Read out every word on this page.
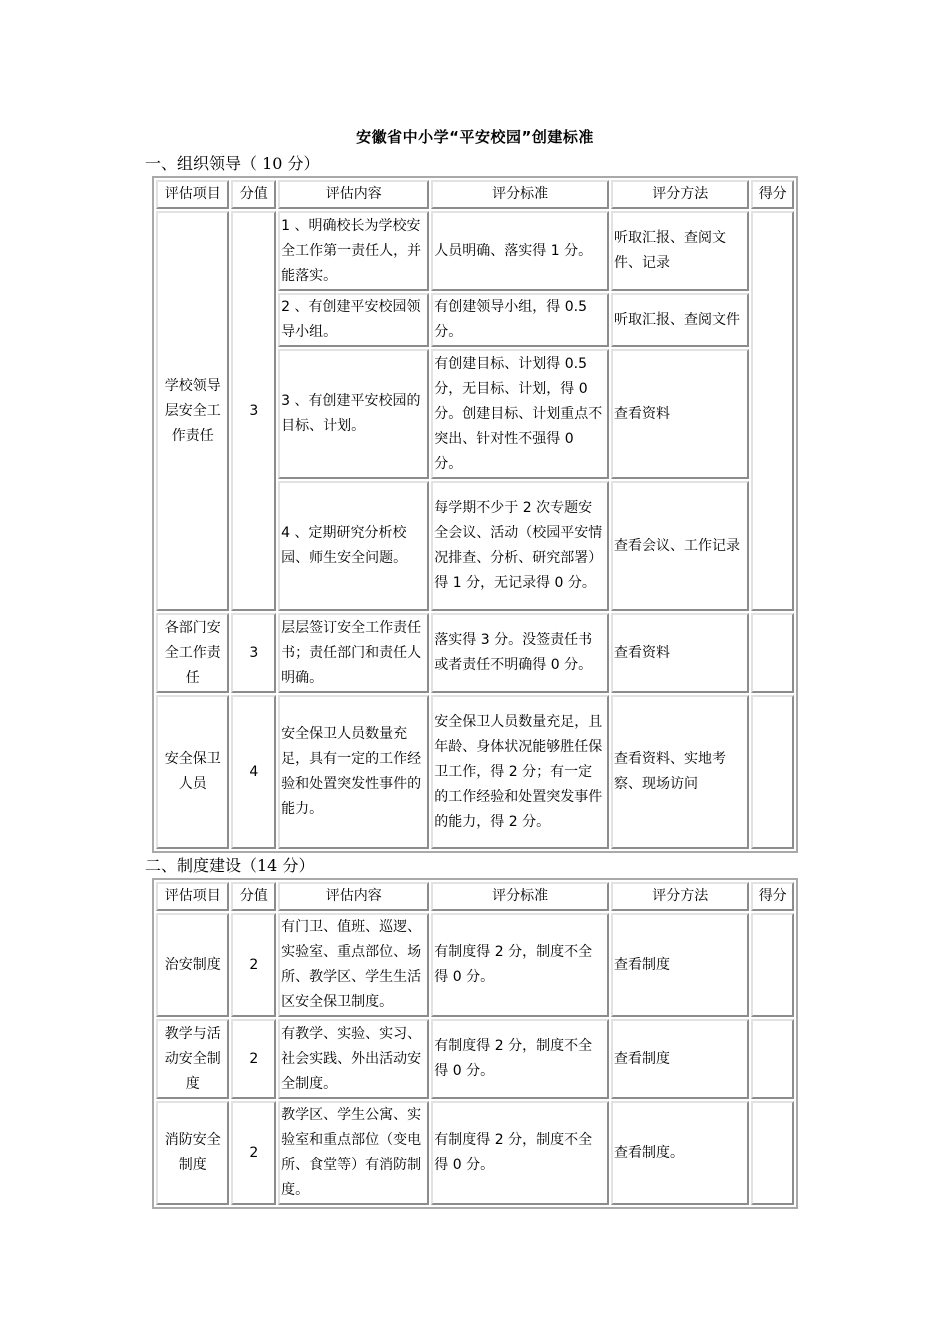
安徽省中小学“平安校园”创建标准
一、组织领导（ 10 分）
评估项目	分值	评估内容	评分标准	评分方法	得分
学校领导层安全工作责任	3	1 、明确校长为学校安全工作第一责任人，并能落实。	人员明确、落实得 1 分。	听取汇报、查阅文件、记录	
		2 、有创建平安校园领导小组。	有创建领导小组，得 0.5 分。	听取汇报、查阅文件	
		3 、有创建平安校园的目标、计划。	有创建目标、计划得 0.5 分，无目标、计划，得 0 分。创建目标、计划重点不突出、针对性不强得 0 分。	查看资料	
		4 、定期研究分析校园、师生安全问题。	每学期不少于 2 次专题安全会议、活动（校园平安情况排查、分析、研究部署）得 1 分，无记录得 0 分。	查看会议、工作记录	
各部门安全工作责任	3	层层签订安全工作责任书；责任部门和责任人明确。	落实得 3 分。没签责任书或者责任不明确得 0 分。	查看资料	
安全保卫人员	4	安全保卫人员数量充足，具有一定的工作经验和处置突发性事件的能力。	安全保卫人员数量充足，且年龄、身体状况能够胜任保卫工作，得 2 分；有一定的工作经验和处置突发事件的能力，得 2 分。	查看资料、实地考察、现场访问	
二、制度建设（14 分）
评估项目	分值	评估内容	评分标准	评分方法	得分
治安制度	2	有门卫、值班、巡逻、实验室、重点部位、场所、教学区、学生生活区安全保卫制度。	有制度得 2 分，制度不全得 0 分。	查看制度	
教学与活动安全制度	2	有教学、实验、实习、社会实践、外出活动安全制度。	有制度得 2 分，制度不全得 0 分。	查看制度	
消防安全制度	2	教学区、学生公寓、实验室和重点部位（变电所、食堂等）有消防制度。	有制度得 2 分，制度不全得 0 分。	查看制度。	
